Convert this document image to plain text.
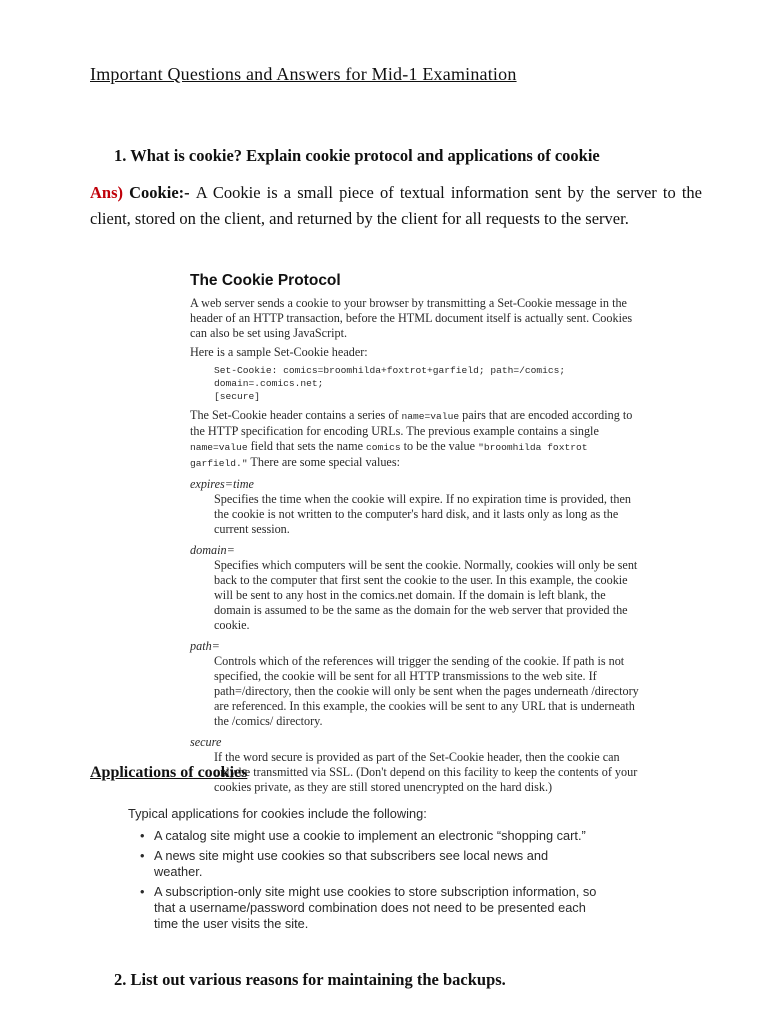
Important Questions and Answers for Mid-1 Examination
1. What is cookie? Explain cookie protocol and applications of cookie
Ans) Cookie:- A Cookie is a small piece of textual information sent by the server to the client, stored on the client, and returned by the client for all requests to the server.
The Cookie Protocol

A web server sends a cookie to your browser by transmitting a Set-Cookie message in the header of an HTTP transaction, before the HTML document itself is actually sent. Cookies can also be set using JavaScript.

Here is a sample Set-Cookie header:

Set-Cookie: comics=broomhilda+foxtrot+garfield; path=/comics; domain=.comics.net;
[secure]

The Set-Cookie header contains a series of name=value pairs that are encoded according to the HTTP specification for encoding URLs. The previous example contains a single name=value field that sets the name comics to be the value "broomhilda foxtrot garfield." There are some special values:

expires=time

Specifies the time when the cookie will expire. If no expiration time is provided, then the cookie is not written to the computer's hard disk, and it lasts only as long as the current session.

domain=

Specifies which computers will be sent the cookie. Normally, cookies will only be sent back to the computer that first sent the cookie to the user. In this example, the cookie will be sent to any host in the comics.net domain. If the domain is left blank, the domain is assumed to be the same as the domain for the web server that provided the cookie.

path=

Controls which of the references will trigger the sending of the cookie. If path is not specified, the cookie will be sent for all HTTP transmissions to the web site. If path=/directory, then the cookie will only be sent when the pages underneath /directory are referenced. In this example, the cookies will be sent to any URL that is underneath the /comics/ directory.

secure

If the word secure is provided as part of the Set-Cookie header, then the cookie can only be transmitted via SSL. (Don't depend on this facility to keep the contents of your cookies private, as they are still stored unencrypted on the hard disk.)

Applications of cookies

Typical applications for cookies include the following:

• A catalog site might use a cookie to implement an electronic “shopping cart.”
• A news site might use cookies so that subscribers see local news and weather.
• A subscription-only site might use cookies to store subscription information, so that a username/password combination does not need to be presented each time the user visits the site.
2. List out various reasons for maintaining the backups.
